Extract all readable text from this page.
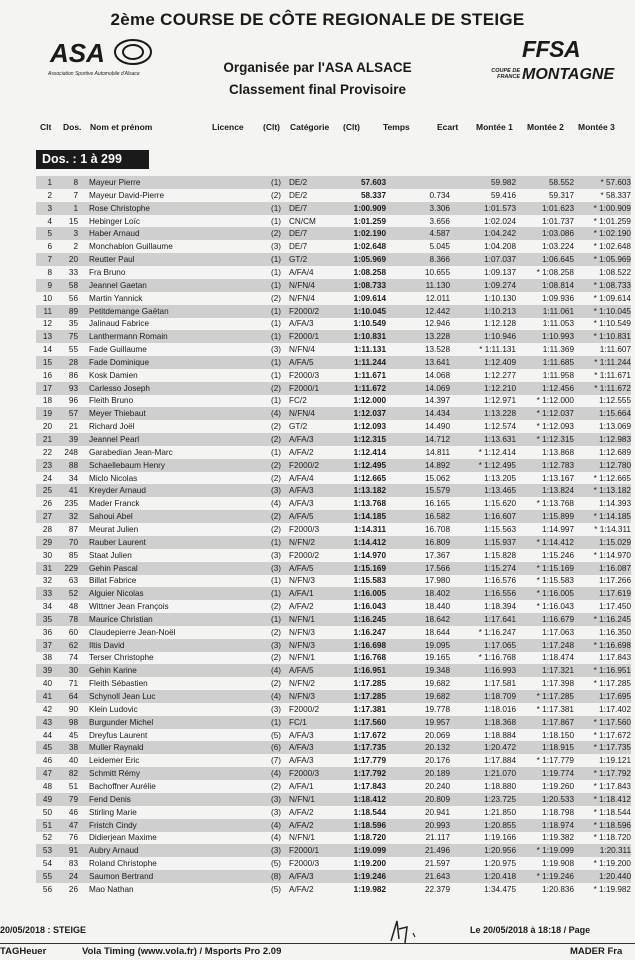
2ème COURSE DE CÔTE REGIONALE DE STEIGE
ASA
Association Sportive Automobile d'Alsace	Organisée par l'ASA ALSACE
Classement final Provisoire
FFSA
COUPE DE FRANCE MONTAGNE
Clt Dos. Nom et prénom	Licence (Clt) Catégorie (Clt)	Temps	Ecart Montée 1 Montée 2 Montée 3
Dos. : 1 à 299
1	8 Mayeur Pierre	(1) DE/2	57.603	59.982	58.552	* 57.603
2	7 Mayeur David-Pierre	(2) DE/2	58.337	0.734	59.416	59.317	* 58.337
3	1 Rose Christophe	(1) DE/7	1:00.909	3.306	1:01.573	1:01.623	* 1:00.909
4	15 Hebinger Loïc	(1) CN/CM	1:01.259	3.656	1:02.024	1:01.737	* 1:01.259
5	3 Haber Arnaud	(2) DE/7	1:02.190	4.587	1:04.242	1:03.086	* 1:02.190
6	2 Monchablon Guillaume	(3) DE/7	1:02.648	5.045	1:04.208	1:03.224	* 1:02.648
7	20 Reutter Paul	(1) GT/2	1:05.969	8.366	1:07.037	1:06.645	* 1:05.969
8	33 Fra Bruno	(1) A/FA/4	1:08.258	10.655	1:09.137	* 1:08.258	1:08.522
9	58 Jeannel Gaetan	(1) N/FN/4	1:08.733	11.130	1:09.274	1:08.814	* 1:08.733
10	56 Martin Yannick	(2) N/FN/4	1:09.614	12.011	1:10.130	1:09.936	* 1:09.614
11	89 Petitdemange Gaëtan	(1) F2000/2	1:10.045	12.442	1:10.213	1:11.061	* 1:10.045
12	35 Jalinaud Fabrice	(1) A/FA/3	1:10.549	12.946	1:12.128	1:11.053	* 1:10.549
13	75 Lanthermann Romain	(1) F2000/1	1:10.831	13.228	1:10.946	1:10.993	* 1:10.831
14	55 Fade Guillaume	(3) N/FN/4	1:11.131	13.528	* 1:11.131	1:11.369	1:11.607
15	28 Fade Dominique	(1) A/FA/5	1:11.244	13.641	1:12.409	1:11.685	* 1:11.244
16	86 Kosk Damien	(1) F2000/3	1:11.671	14.068	1:12.277	1:11.958	* 1:11.671
17	93 Carlesso Joseph	(2) F2000/1	1:11.672	14.069	1:12.210	1:12.456	* 1:11.672
18	96 Fleith Bruno	(1) FC/2	1:12.000	14.397	1:12.971	* 1:12.000	1:12.555
19	57 Meyer Thiebaut	(4) N/FN/4	1:12.037	14.434	1:13.228	* 1:12.037	1:15.664
20	21 Richard Joël	(2) GT/2	1:12.093	14.490	1:12.574	* 1:12.093	1:13.069
21	39 Jeannel Pearl	(2) A/FA/3	1:12.315	14.712	1:13.631	* 1:12.315	1:12.983
22	248 Garabedian Jean-Marc	(1) A/FA/2	1:12.414	14.811	* 1:12.414	1:13.868	1:12.689
23	88 Schaellebaum Henry	(2) F2000/2	1:12.495	14.892	* 1:12.495	1:12.783	1:12.780
24	34 Miclo Nicolas	(2) A/FA/4	1:12.665	15.062	1:13.205	1:13.167	* 1:12.665
25	41 Kreyder Arnaud	(3) A/FA/3	1:13.182	15.579	1:13.465	1:13.824	* 1:13.182
26	235 Mader Franck	(4) A/FA/3	1:13.768	16.165	1:15.620	* 1:13.768	1:14.393
27	32 Sahoui Abel	(2) A/FA/5	1:14.185	16.582	1:16.607	1:15.899	* 1:14.185
28	87 Meurat Julien	(2) F2000/3	1:14.311	16.708	1:15.563	1:14.997	* 1:14.311
29	70 Rauber Laurent	(1) N/FN/2	1:14.412	16.809	1:15.937	* 1:14.412	1:15.029
30	85 Staat Julien	(3) F2000/2	1:14.970	17.367	1:15.828	1:15.246	* 1:14.970
31	229 Gehin Pascal	(3) A/FA/5	1:15.169	17.566	1:15.274	* 1:15.169	1:16.087
32	63 Billat Fabrice	(1) N/FN/3	1:15.583	17.980	1:16.576	* 1:15.583	1:17.266
33	52 Alguier Nicolas	(1) A/FA/1	1:16.005	18.402	1:16.556	* 1:16.005	1:17.619
34	48 Wittner Jean François	(2) A/FA/2	1:16.043	18.440	1:18.394	* 1:16.043	1:17.450
35	78 Maurice Christian	(1) N/FN/1	1:16.245	18.642	1:17.641	1:16.679	* 1:16.245
36	60 Claudepierre Jean-Noël	(2) N/FN/3	1:16.247	18.644	* 1:16.247	1:17.063	1:16.350
37	62 Iltis David	(3) N/FN/3	1:16.698	19.095	1:17.065	1:17.248	* 1:16.698
38	74 Terser Christophe	(2) N/FN/1	1:16.768	19.165	* 1:16.768	1:18.474	1:17.843
39	30 Gehin Karine	(4) A/FA/5	1:16.951	19.348	1:16.993	1:17.321	* 1:16.951
40	71 Fleith Sébastien	(2) N/FN/2	1:17.285	19.682	1:17.581	1:17.398	* 1:17.285
41	64 Schynoll Jean Luc	(4) N/FN/3	1:17.285	19.682	1:18.709	* 1:17.285	1:17.695
42	90 Klein Ludovic	(3) F2000/2	1:17.381	19.778	1:18.016	* 1:17.381	1:17.402
43	98 Burgunder Michel	(1) FC/1	1:17.560	19.957	1:18.368	1:17.867	* 1:17.560
44	45 Dreyfus Laurent	(5) A/FA/3	1:17.672	20.069	1:18.884	1:18.150	* 1:17.672
45	38 Muller Raynald	(6) A/FA/3	1:17.735	20.132	1:20.472	1:18.915	* 1:17.735
46	40 Leidemer Eric	(7) A/FA/3	1:17.779	20.176	1:17.884	* 1:17.779	1:19.121
47	82 Schmitt Rémy	(4) F2000/3	1:17.792	20.189	1:21.070	1:19.774	* 1:17.792
48	51 Bachoffner Aurélie	(2) A/FA/1	1:17.843	20.240	1:18.880	1:19.260	* 1:17.843
49	79 Fend Denis	(3) N/FN/1	1:18.412	20.809	1:23.725	1:20.533	* 1:18.412
50	46 Stirling Marie	(3) A/FA/2	1:18.544	20.941	1:21.850	1:18.798	* 1:18.544
51	47 Fristch Cindy	(4) A/FA/2	1:18.596	20.993	1:20.855	1:18.974	* 1:18.596
52	76 Didierjean Maxime	(4) N/FN/1	1:18.720	21.117	1:19.166	1:19.382	* 1:18.720
53	91 Aubry Arnaud	(3) F2000/1	1:19.099	21.496	1:20.956	* 1:19.099	1:20.311
54	83 Roland Christophe	(5) F2000/3	1:19.200	21.597	1:20.975	1:19.908	* 1:19.200
55	24 Saumon Bertrand	(8) A/FA/3	1:19.246	21.643	1:20.418	* 1:19.246	1:20.440
56	26 Mao Nathan	(5) A/FA/2	1:19.982	22.379	1:34.475	1:20.836	* 1:19.982
20/05/2018 : STEIGE	Le 20/05/2018 à 18:18 / Page
TAGHeuer	Vola Timing (www.vola.fr) / Msports Pro 2.09	MADER Fra
